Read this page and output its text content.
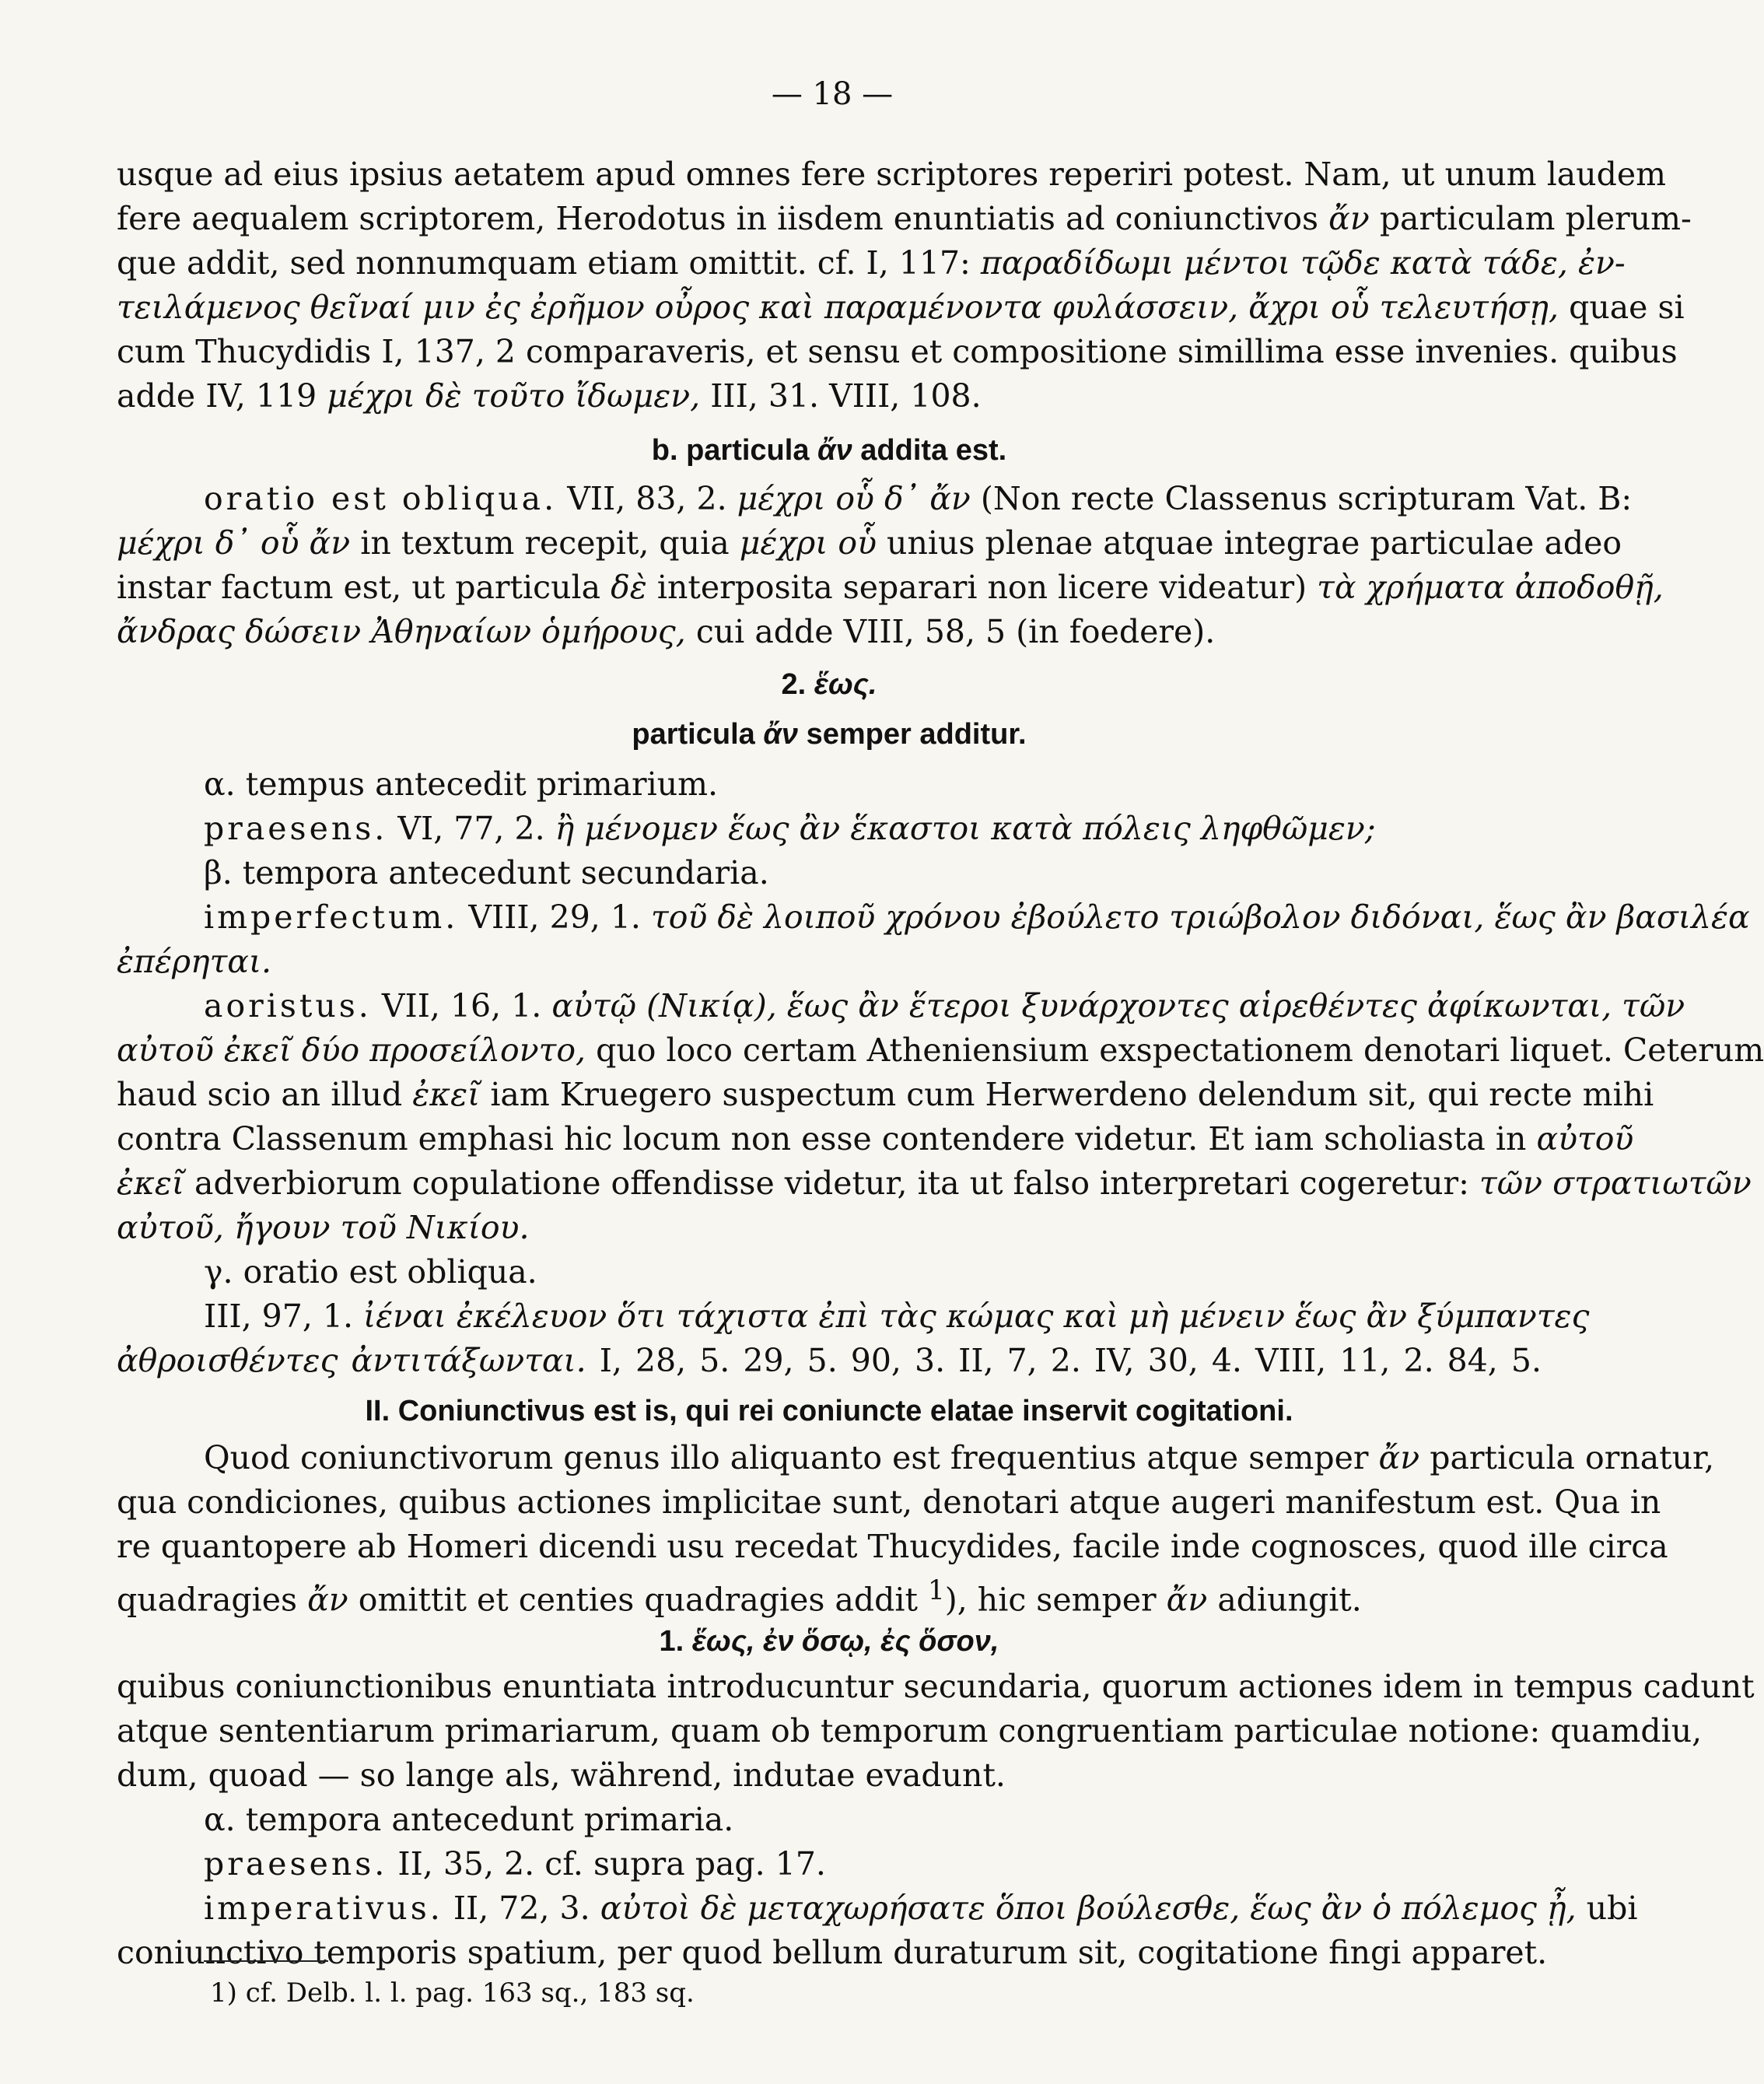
— 18 —
usque ad eius ipsius aetatem apud omnes fere scriptores reperiri potest. Nam, ut unum laudem
fere aequalem scriptorem, Herodotus in iisdem enuntiatis ad coniunctivos ἄν particulam plerum-
que addit, sed nonnumquam etiam omittit. cf. I, 117: παραδίδωμι μέντοι τῷδε κατὰ τάδε, ἐν-
τειλάμενος θεῖναί μιν ἐς ἐρῆμον οὖρος καὶ παραμένοντα φυλάσσειν, ἄχρι οὗ τελευτήσῃ, quae si
cum Thucydidis I, 137, 2 comparaveris, et sensu et compositione simillima esse invenies. quibus
adde IV, 119 μέχρι δὲ τοῦτο ἴδωμεν, III, 31. VIII, 108.
b. particula ἄν addita est.
oratio est obliqua. VII, 83, 2. μέχρι οὗ δ᾽ ἄν (Non recte Classenus scripturam Vat. B:
μέχρι δ᾽ οὗ ἄν in textum recepit, quia μέχρι οὗ unius plenae atquae integrae particulae adeo
instar factum est, ut particula δὲ interposita separari non licere videatur) τὰ χρήματα ἀποδοθῇ,
ἄνδρας δώσειν Ἀθηναίων ὁμήρους, cui adde VIII, 58, 5 (in foedere).
2. ἕως.
particula ἄν semper additur.
α. tempus antecedit primarium.
praesens. VI, 77, 2. ἢ μένομεν ἕως ἂν ἕκαστοι κατὰ πόλεις ληφθῶμεν;
β. tempora antecedunt secundaria.
imperfectum. VIII, 29, 1. τοῦ δὲ λοιποῦ χρόνου ἐβούλετο τριώβολον διδόναι, ἕως ἂν βασιλέα
ἐπέρηται.
aoristus. VII, 16, 1. αὐτῷ (Νικίᾳ), ἕως ἂν ἕτεροι ξυνάρχοντες αἱρεθέντες ἀφίκωνται, τῶν
αὐτοῦ ἐκεῖ δύο προσείλοντο, quo loco certam Atheniensium exspectationem denotari liquet. Ceterum
haud scio an illud ἐκεῖ iam Kruegero suspectum cum Herwerdeno delendum sit, qui recte mihi
contra Classenum emphasi hic locum non esse contendere videtur. Et iam scholiasta in αὐτοῦ
ἐκεῖ adverbiorum copulatione offendisse videtur, ita ut falso interpretari cogeretur: τῶν στρατιωτῶν
αὐτοῦ, ἤγουν τοῦ Νικίου.
γ. oratio est obliqua.
III, 97, 1. ἰέναι ἐκέλευον ὅτι τάχιστα ἐπὶ τὰς κώμας καὶ μὴ μένειν ἕως ἂν ξύμπαντες
ἀθροισθέντες ἀντιτάξωνται. I, 28, 5. 29, 5. 90, 3. II, 7, 2. IV, 30, 4. VIII, 11, 2. 84, 5.
II. Coniunctivus est is, qui rei coniuncte elatae inservit cogitationi.
Quod coniunctivorum genus illo aliquanto est frequentius atque semper ἄν particula ornatur,
qua condiciones, quibus actiones implicitae sunt, denotari atque augeri manifestum est. Qua in
re quantopere ab Homeri dicendi usu recedat Thucydides, facile inde cognosces, quod ille circa
quadragies ἄν omittit et centies quadragies addit $^1$), hic semper ἄν adiungit.
1. ἕως, ἐν ὅσῳ, ἐς ὅσον,
quibus coniunctionibus enuntiata introducuntur secundaria, quorum actiones idem in tempus cadunt
atque sententiarum primariarum, quam ob temporum congruentiam particulae notione: quamdiu,
dum, quoad — so lange als, während, indutae evadunt.
α. tempora antecedunt primaria.
praesens. II, 35, 2. cf. supra pag. 17.
imperativus. II, 72, 3. αὐτοὶ δὲ μεταχωρήσατε ὅποι βούλεσθε, ἕως ἂν ὁ πόλεμος ᾖ, ubi
coniunctivo temporis spatium, per quod bellum duraturum sit, cogitatione fingi apparet.
1) cf. Delb. l. l. pag. 163 sq., 183 sq.
